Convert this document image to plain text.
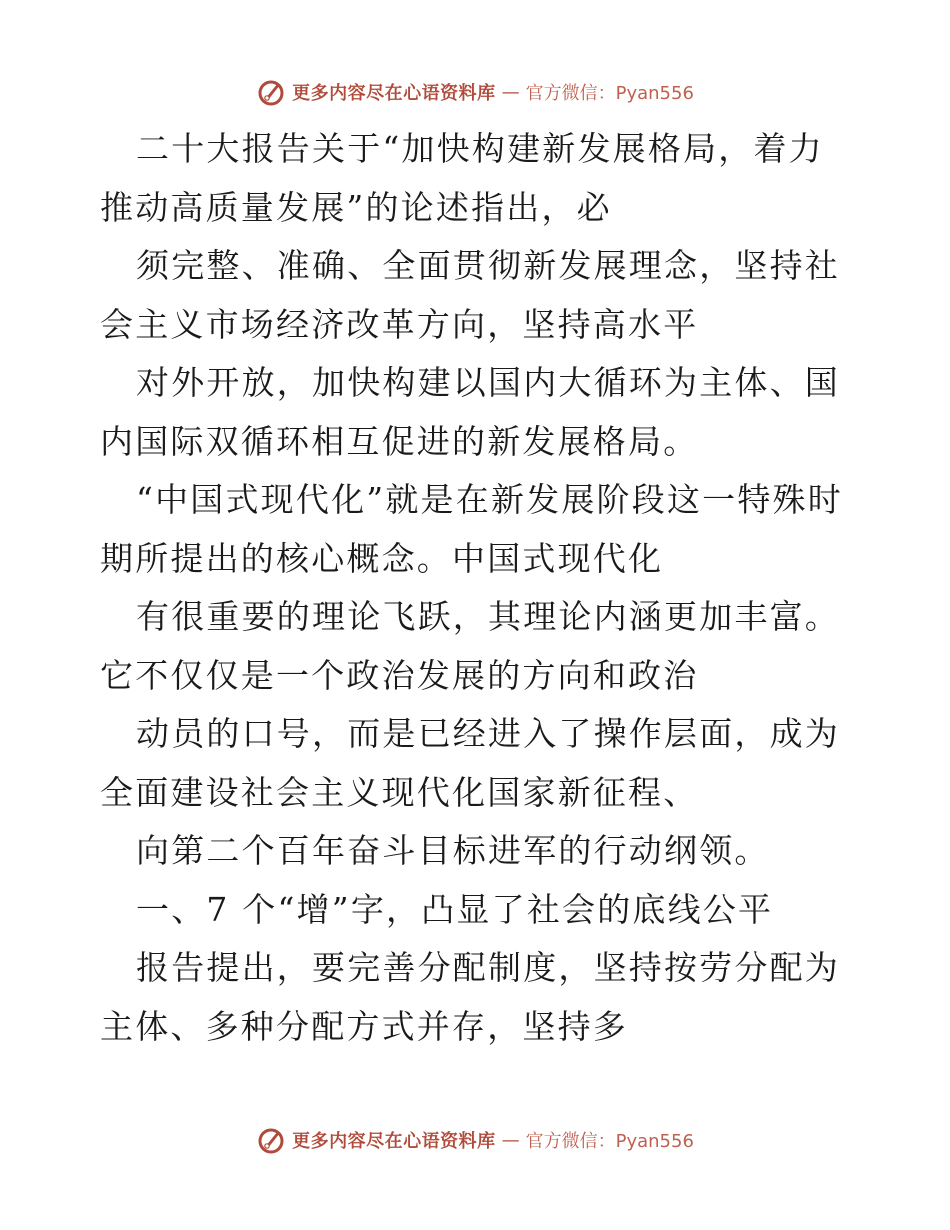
更多内容尽在心语资料库 — 官方微信：Pyan556

二十大报告关于“加快构建新发展格局，着力推动高质量发展”的论述指出，必

须完整、准确、全面贯彻新发展理念，坚持社会主义市场经济改革方向，坚持高水平

对外开放，加快构建以国内大循环为主体、国内国际双循环相互促进的新发展格局。

“中国式现代化”就是在新发展阶段这一特殊时期所提出的核心概念。中国式现代化

有很重要的理论飞跃，其理论内涵更加丰富。它不仅仅是一个政治发展的方向和政治

动员的口号，而是已经进入了操作层面，成为全面建设社会主义现代化国家新征程、

向第二个百年奋斗目标进军的行动纲领。

一、7 个“增”字，凸显了社会的底线公平

报告提出，要完善分配制度，坚持按劳分配为主体、多种分配方式并存，坚持多

更多内容尽在心语资料库 — 官方微信：Pyan556
